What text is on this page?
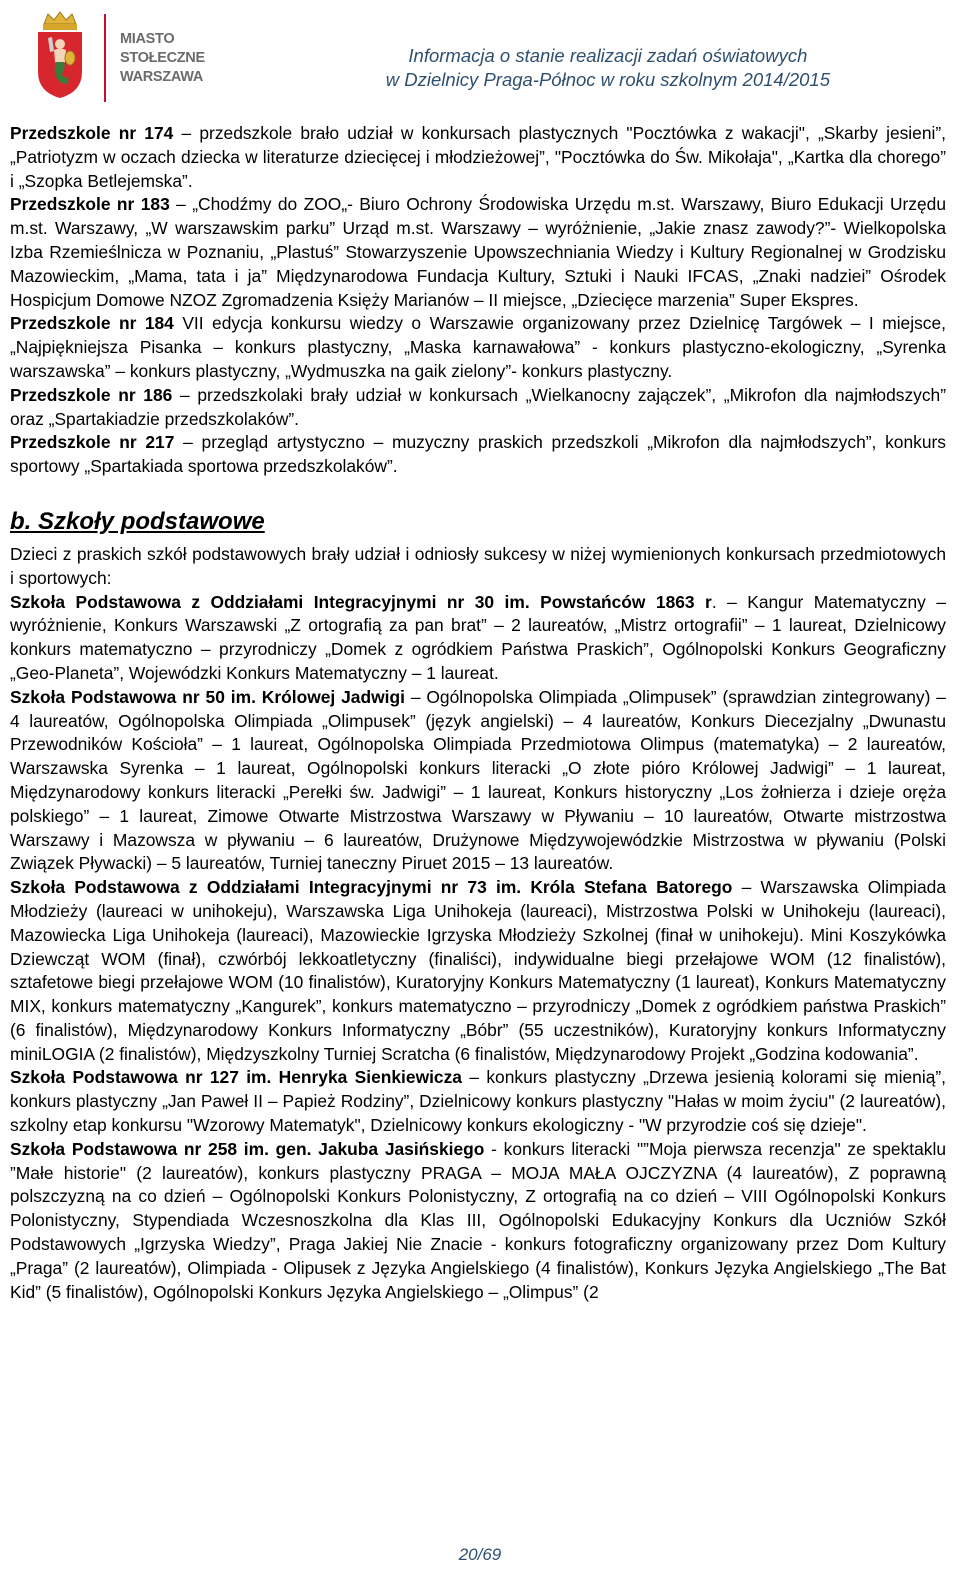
MIASTO
STOŁECZNE
WARSZAWA
Informacja o stanie realizacji zadań oświatowych
w Dzielnicy Praga-Północ w roku szkolnym 2014/2015

Przedszkole nr 174 – przedszkole brało udział w konkursach plastycznych "Pocztówka z wakacji", „Skarby jesieni”, „Patriotyzm w oczach dziecka w literaturze dziecięcej i młodzieżowej”, "Pocztówka do Św. Mikołaja", „Kartka dla chorego” i „Szopka Betlejemska”.

Przedszkole nr 183 – „Chodźmy do ZOO„- Biuro Ochrony Środowiska Urzędu m.st. Warszawy, Biuro Edukacji Urzędu m.st. Warszawy, „W warszawskim parku” Urząd m.st. Warszawy – wyróżnienie, „Jakie znasz zawody?”- Wielkopolska Izba Rzemieślnicza w Poznaniu, „Plastuś” Stowarzyszenie Upowszechniania Wiedzy i Kultury Regionalnej w Grodzisku Mazowieckim, „Mama, tata i ja” Międzynarodowa Fundacja Kultury, Sztuki i Nauki IFCAS, „Znaki nadziei” Ośrodek Hospicjum Domowe NZOZ Zgromadzenia Księży Marianów – II miejsce, „Dziecięce marzenia” Super Ekspres.

Przedszkole nr 184 VII edycja konkursu wiedzy o Warszawie organizowany przez Dzielnicę Targówek – I miejsce, „Najpiękniejsza Pisanka – konkurs plastyczny, „Maska karnawałowa” - konkurs plastyczno-ekologiczny, „Syrenka warszawska” – konkurs plastyczny, „Wydmuszka na gaik zielony”- konkurs plastyczny.

Przedszkole nr 186 – przedszkolaki brały udział w konkursach „Wielkanocny zajączek”, „Mikrofon dla najmłodszych” oraz „Spartakiadzie przedszkolaków”.

Przedszkole nr 217 – przegląd artystyczno – muzyczny praskich przedszkoli „Mikrofon dla najmłodszych”, konkurs sportowy „Spartakiada sportowa przedszkolaków”.

b. Szkoły podstawowe

Dzieci z praskich szkół podstawowych brały udział i odniosły sukcesy w niżej wymienionych konkursach przedmiotowych i sportowych:

Szkoła Podstawowa z Oddziałami Integracyjnymi nr 30 im. Powstańców 1863 r. – Kangur Matematyczny – wyróżnienie, Konkurs Warszawski „Z ortografią za pan brat” – 2 laureatów, „Mistrz ortografii” – 1 laureat, Dzielnicowy konkurs matematyczno – przyrodniczy „Domek z ogródkiem Państwa Praskich”, Ogólnopolski Konkurs Geograficzny „Geo-Planeta”, Wojewódzki Konkurs Matematyczny – 1 laureat.

Szkoła Podstawowa nr 50 im. Królowej Jadwigi – Ogólnopolska Olimpiada „Olimpusek” (sprawdzian zintegrowany) – 4 laureatów, Ogólnopolska Olimpiada „Olimpusek” (język angielski) – 4 laureatów, Konkurs Diecezjalny „Dwunastu Przewodników Kościoła” – 1 laureat, Ogólnopolska Olimpiada Przedmiotowa Olimpus (matematyka) – 2 laureatów, Warszawska Syrenka – 1 laureat, Ogólnopolski konkurs literacki „O złote pióro Królowej Jadwigi” – 1 laureat, Międzynarodowy konkurs literacki „Perełki św. Jadwigi” – 1 laureat, Konkurs historyczny „Los żołnierza i dzieje oręża polskiego” – 1 laureat, Zimowe Otwarte Mistrzostwa Warszawy w Pływaniu – 10 laureatów, Otwarte mistrzostwa Warszawy i Mazowsza w pływaniu – 6 laureatów, Drużynowe Międzywojewódzkie Mistrzostwa w pływaniu (Polski Związek Pływacki) – 5 laureatów, Turniej taneczny Piruet 2015 – 13 laureatów.

Szkoła Podstawowa z Oddziałami Integracyjnymi nr 73 im. Króla Stefana Batorego – Warszawska Olimpiada Młodzieży (laureaci w unihokeju), Warszawska Liga Unihokeja (laureaci), Mistrzostwa Polski w Unihokeju (laureaci), Mazowiecka Liga Unihokeja (laureaci), Mazowieckie Igrzyska Młodzieży Szkolnej (finał w unihokeju). Mini Koszykówka Dziewcząt WOM (finał), czwórbój lekkoatletyczny (finaliści), indywidualne biegi przełajowe WOM (12 finalistów), sztafetowe biegi przełajowe WOM (10 finalistów), Kuratoryjny Konkurs Matematyczny (1 laureat), Konkurs Matematyczny MIX, konkurs matematyczny „Kangurek”, konkurs matematyczno – przyrodniczy „Domek z ogródkiem państwa Praskich” (6 finalistów), Międzynarodowy Konkurs Informatyczny „Bóbr” (55 uczestników), Kuratoryjny konkurs Informatyczny miniLOGIA (2 finalistów), Międzyszkolny Turniej Scratcha (6 finalistów, Międzynarodowy Projekt „Godzina kodowania”.

Szkoła Podstawowa nr 127 im. Henryka Sienkiewicza – konkurs plastyczny „Drzewa jesienią kolorami się mienią”, konkurs plastyczny „Jan Paweł II – Papież Rodziny”, Dzielnicowy konkurs plastyczny "Hałas w moim życiu" (2 laureatów), szkolny etap konkursu "Wzorowy Matematyk", Dzielnicowy konkurs ekologiczny - "W przyrodzie coś się dzieje".

Szkoła Podstawowa nr 258 im. gen. Jakuba Jasińskiego - konkurs literacki "”Moja pierwsza recenzja" ze spektaklu ”Małe historie" (2 laureatów), konkurs plastyczny PRAGA – MOJA MAŁA OJCZYZNA (4 laureatów), Z poprawną polszczyzną na co dzień – Ogólnopolski Konkurs Polonistyczny, Z ortografią na co dzień – VIII Ogólnopolski Konkurs Polonistyczny, Stypendiada Wczesnoszkolna dla Klas III, Ogólnopolski Edukacyjny Konkurs dla Uczniów Szkół Podstawowych „Igrzyska Wiedzy”, Praga Jakiej Nie Znacie - konkurs fotograficzny organizowany przez Dom Kultury „Praga” (2 laureatów), Olimpiada - Olipusek z Języka Angielskiego (4 finalistów), Konkurs Języka Angielskiego „The Bat Kid” (5 finalistów), Ogólnopolski Konkurs Języka Angielskiego – „Olimpus” (2

20/69
